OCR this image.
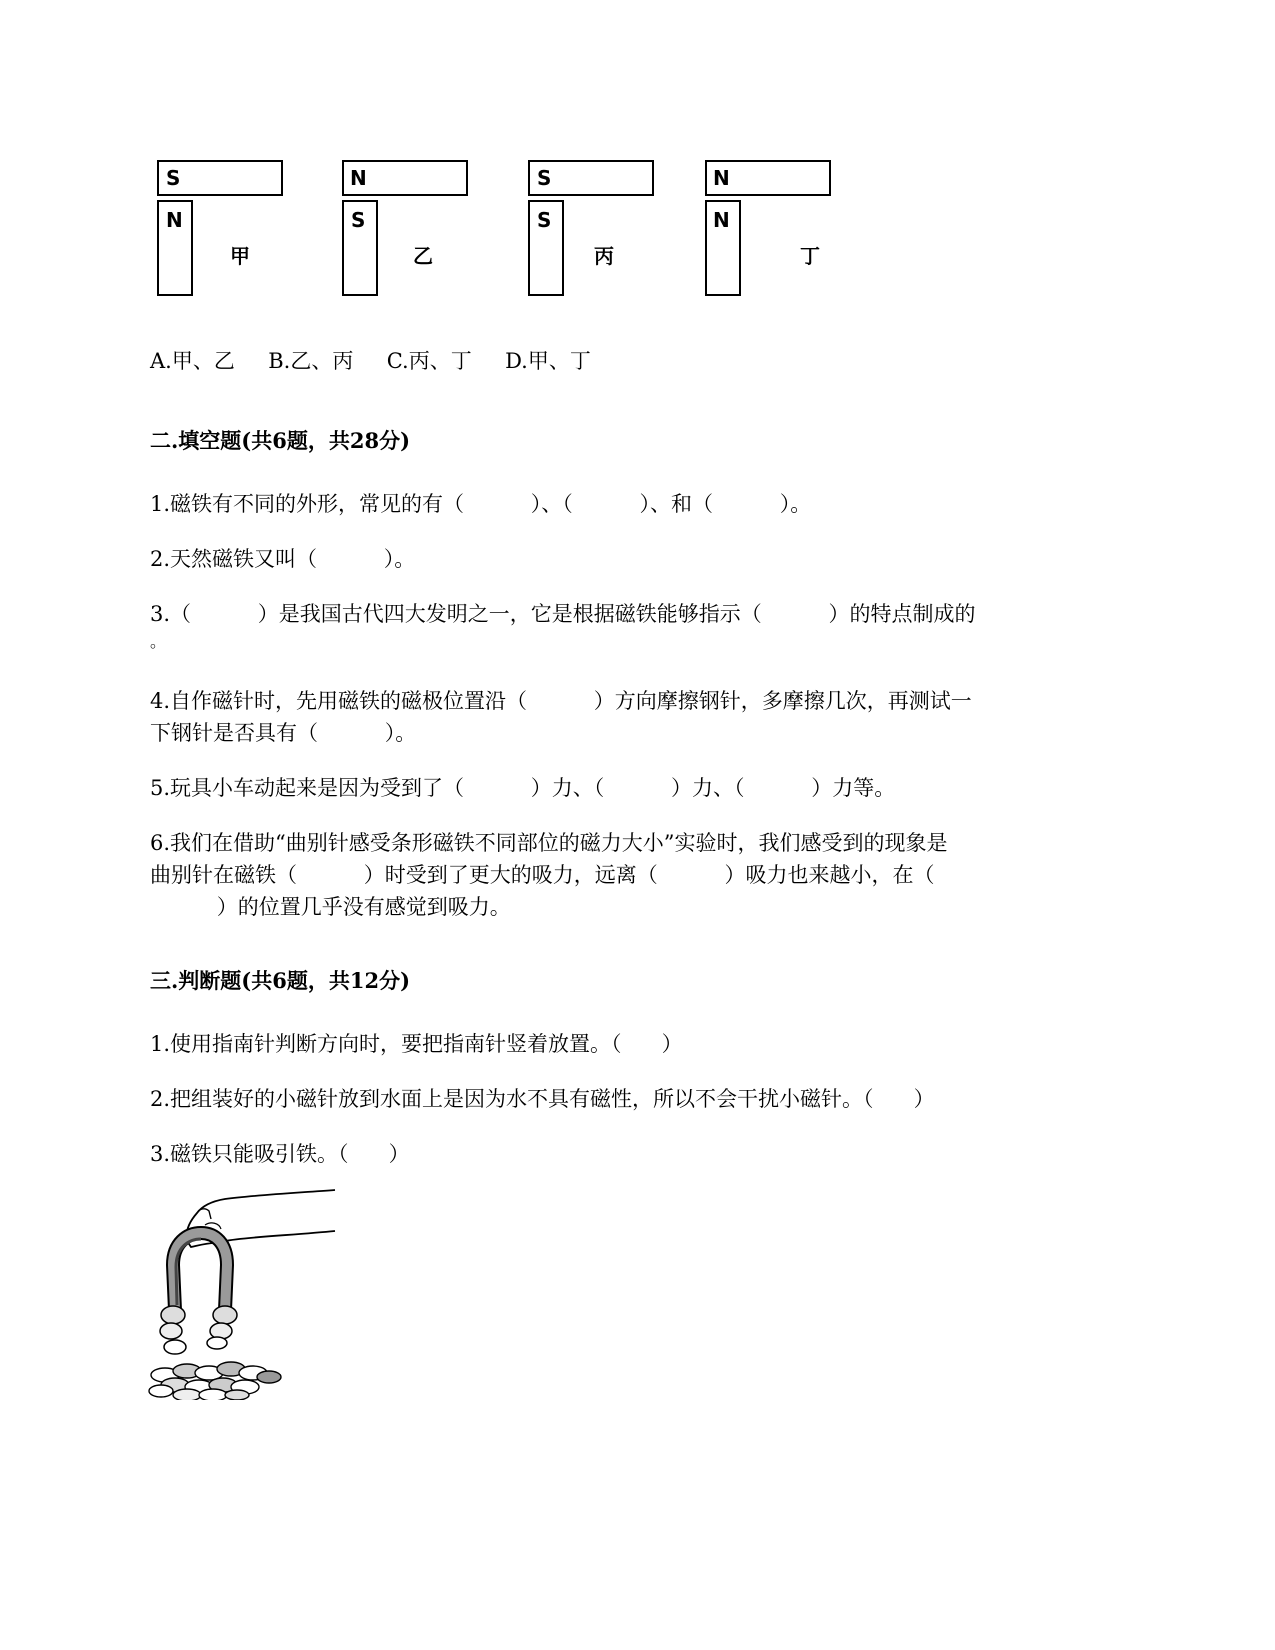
S
N
甲
N
S
乙
S
S
丙
N
N
丁
A.甲、乙     B.乙、丙     C.丙、丁     D.甲、丁
二.填空题(共6题，共28分)
1.磁铁有不同的外形，常见的有（          ）、（          ）、和（          ）。
2.天然磁铁又叫（          ）。
3.（          ）是我国古代四大发明之一，它是根据磁铁能够指示（          ）的特点制成的
。
4.自作磁针时，先用磁铁的磁极位置沿（          ）方向摩擦钢针，多摩擦几次，再测试一
下钢针是否具有（          ）。
5.玩具小车动起来是因为受到了（          ）力、（          ）力、（          ）力等。
6.我们在借助“曲别针感受条形磁铁不同部位的磁力大小”实验时，我们感受到的现象是
曲别针在磁铁（          ）时受到了更大的吸力，远离（          ）吸力也来越小，在（
）的位置几乎没有感觉到吸力。
三.判断题(共6题，共12分)
1.使用指南针判断方向时，要把指南针竖着放置。（      ）
2.把组装好的小磁针放到水面上是因为水不具有磁性，所以不会干扰小磁针。（      ）
3.磁铁只能吸引铁。（      ）
